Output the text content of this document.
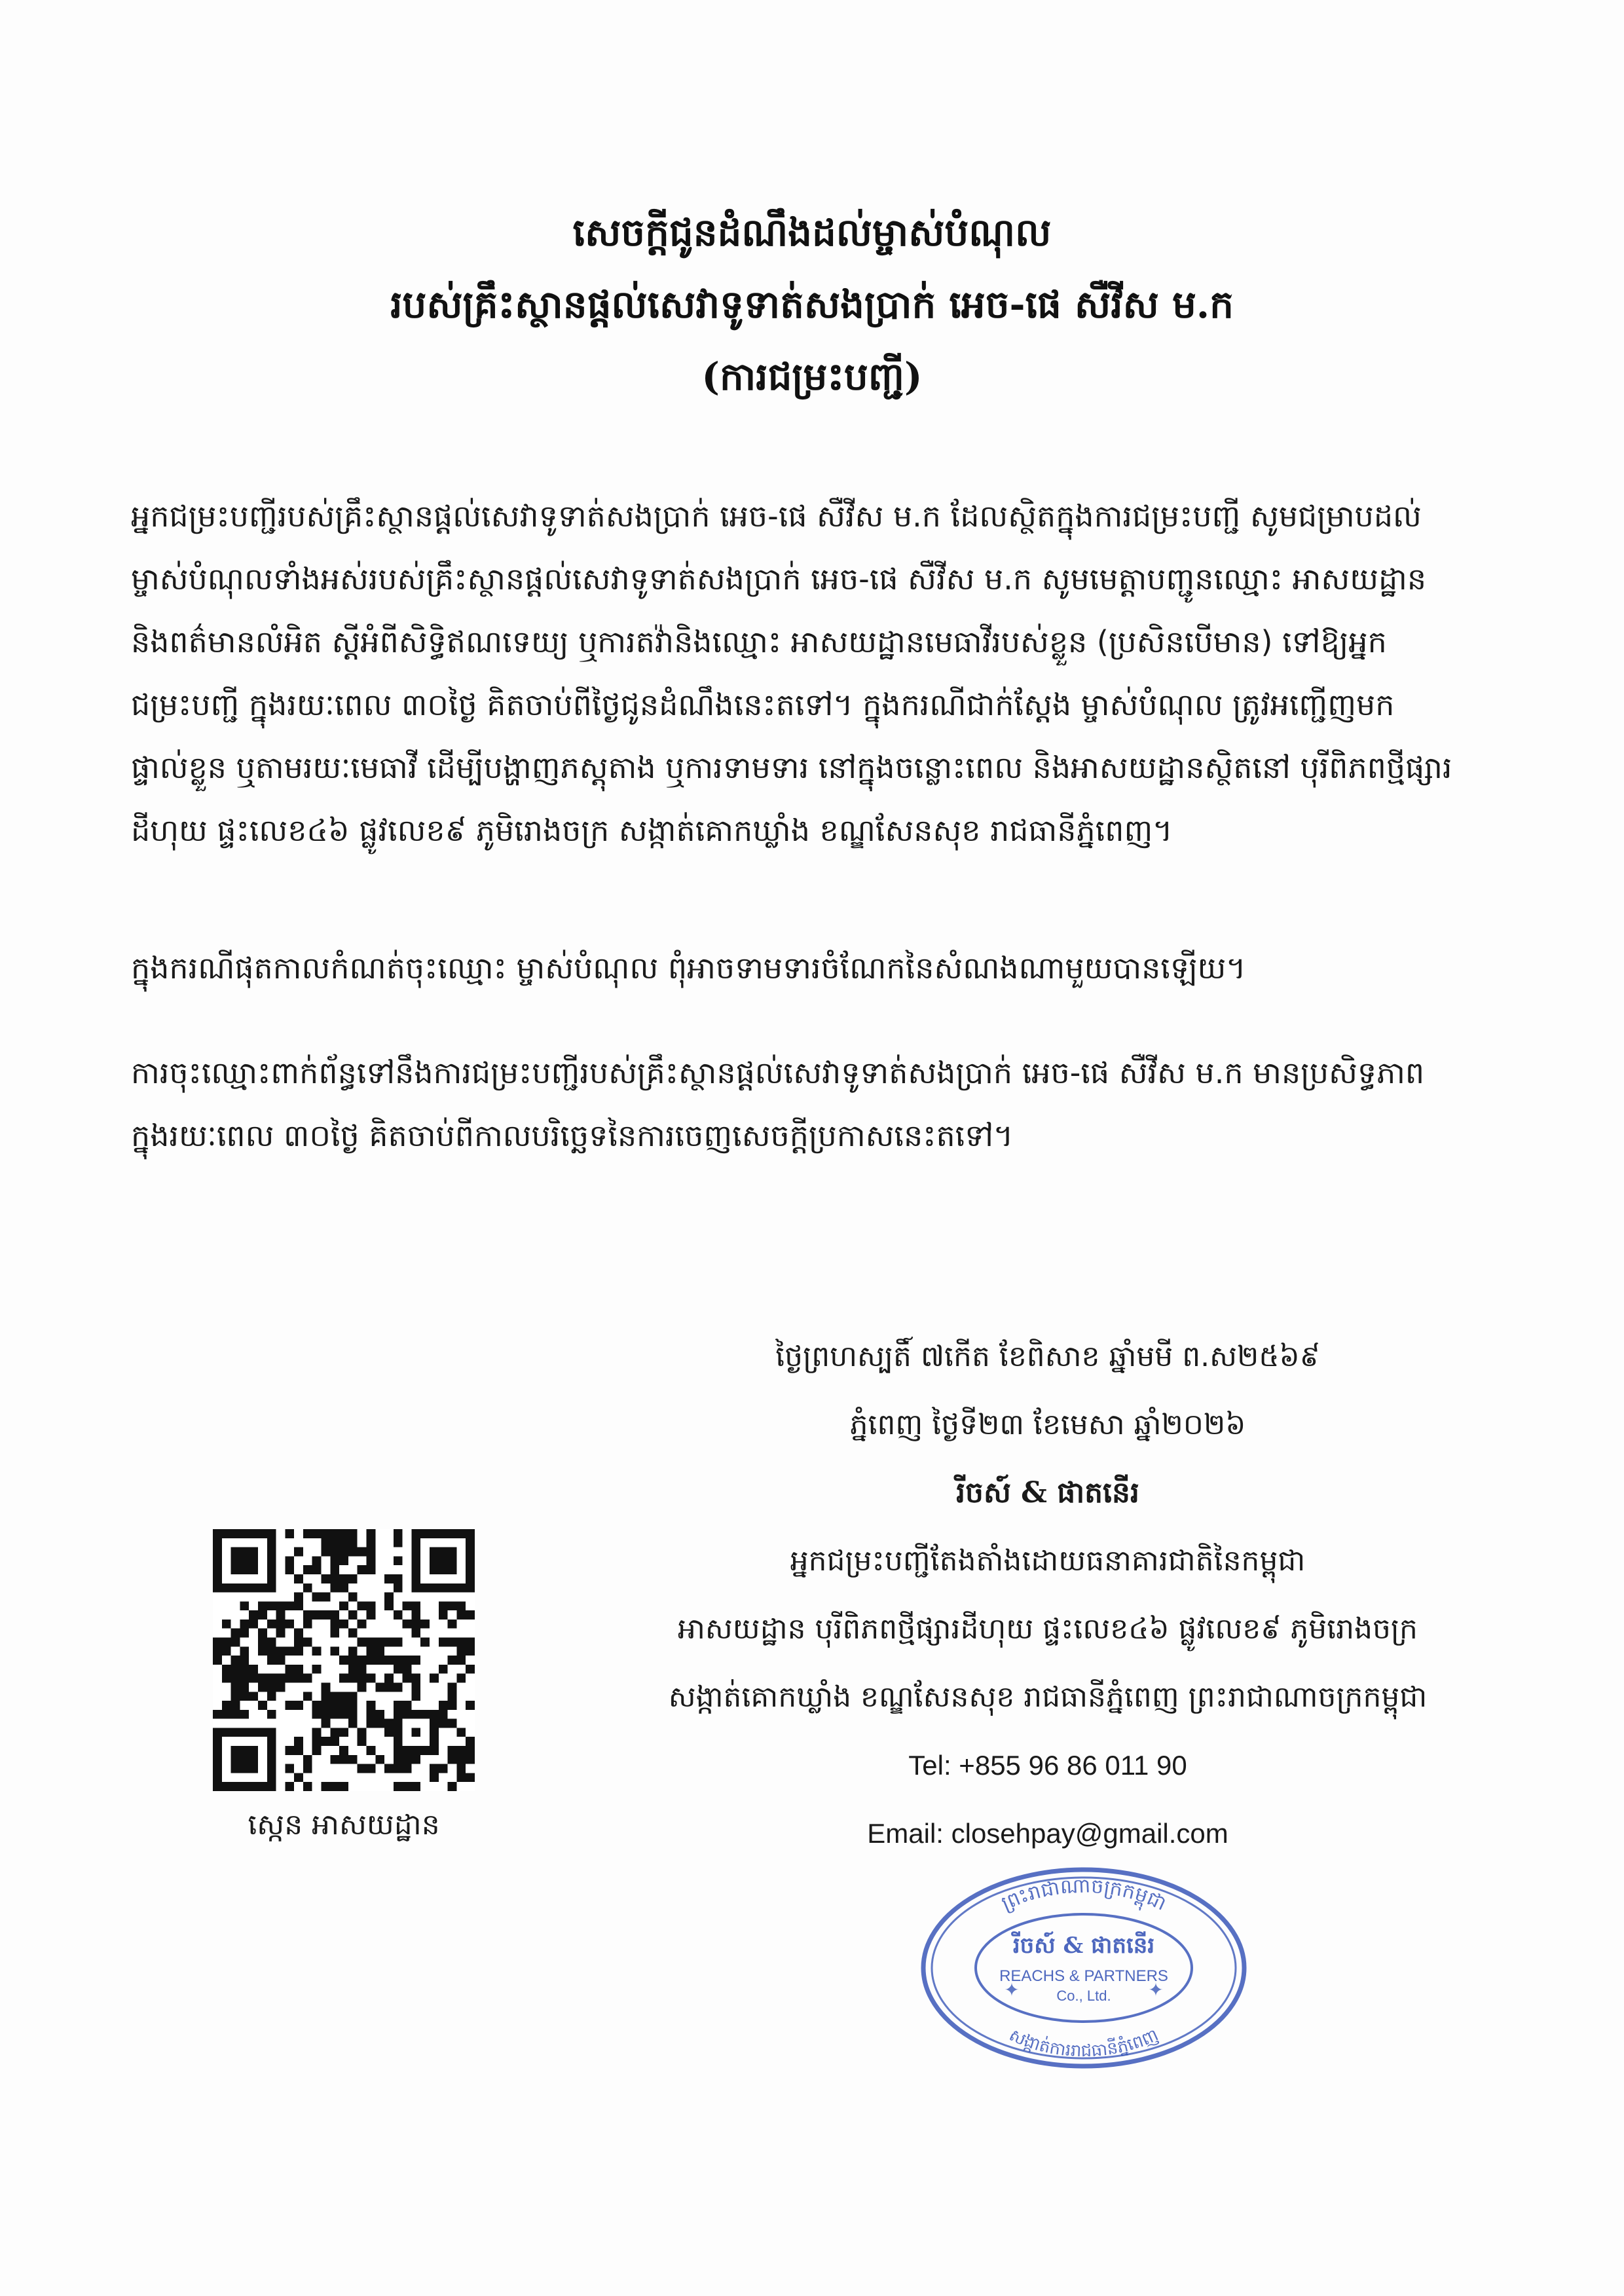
សេចក្តីជូនដំណឹងដល់ម្ចាស់បំណុល
របស់គ្រឹះស្ថានផ្តល់សេវាទូទាត់សងប្រាក់ អេច-ផេ សឺវីស ម.ក
(ការជម្រះបញ្ជី)
អ្នកជម្រះបញ្ជីរបស់គ្រឹះស្ថានផ្តល់សេវាទូទាត់សងប្រាក់ អេច-ផេ សឺវីស ម.ក ដែលស្ថិតក្នុងការជម្រះបញ្ជី សូមជម្រាបដល់
ម្ចាស់បំណុលទាំងអស់របស់គ្រឹះស្ថានផ្តល់សេវាទូទាត់សងប្រាក់ អេច-ផេ សឺវីស ម.ក សូមមេត្តាបញ្ជូនឈ្មោះ អាសយដ្ឋាន
និងពត៌មានលំអិត ស្តីអំពីសិទ្ធិឥណទេយ្យ ឬការតវ៉ានិងឈ្មោះ អាសយដ្ឋានមេធាវីរបស់ខ្លួន (ប្រសិនបើមាន) ទៅឱ្យអ្នក
ជម្រះបញ្ជី ក្នុងរយៈពេល ៣០ថ្ងៃ គិតចាប់ពីថ្ងៃជូនដំណឹងនេះតទៅ។ ក្នុងករណីជាក់ស្តែង ម្ចាស់បំណុល ត្រូវអញ្ជើញមក
ផ្ទាល់ខ្លួន ឬតាមរយៈមេធាវី ដើម្បីបង្ហាញភស្តុតាង ឬការទាមទារ នៅក្នុងចន្លោះពេល និងអាសយដ្ឋានស្ថិតនៅ បុរីពិភពថ្មីផ្សារ
ដីហុយ ផ្ទះលេខ៤៦ ផ្លូវលេខ៩ ភូមិរោងចក្រ សង្កាត់គោកឃ្លាំង ខណ្ឌសែនសុខ រាជធានីភ្នំពេញ។
ក្នុងករណីផុតកាលកំណត់ចុះឈ្មោះ ម្ចាស់បំណុល ពុំអាចទាមទារចំណែកនៃសំណងណាមួយបានឡើយ។
ការចុះឈ្មោះពាក់ព័ន្ធទៅនឹងការជម្រះបញ្ជីរបស់គ្រឹះស្ថានផ្តល់សេវាទូទាត់សងប្រាក់ អេច-ផេ សឺវីស ម.ក មានប្រសិទ្ធភាព
ក្នុងរយៈពេល ៣០ថ្ងៃ គិតចាប់ពីកាលបរិច្ឆេទនៃការចេញសេចក្តីប្រកាសនេះតទៅ។
ថ្ងៃព្រហស្បតិ៍ ៧កើត ខែពិសាខ ឆ្នាំមមី ព.ស២៥៦៩
ភ្នំពេញ ថ្ងៃទី២៣ ខែមេសា ឆ្នាំ២០២៦
រីចស៍ & ផាតនើរ
អ្នកជម្រះបញ្ជីតែងតាំងដោយធនាគារជាតិនៃកម្ពុជា
អាសយដ្ឋាន បុរីពិភពថ្មីផ្សារដីហុយ ផ្ទះលេខ៤៦ ផ្លូវលេខ៩ ភូមិរោងចក្រ
សង្កាត់គោកឃ្លាំង ខណ្ឌសែនសុខ រាជធានីភ្នំពេញ ព្រះរាជាណាចក្រកម្ពុជា
Tel: +855 96 86 011 90
Email: closehpay@gmail.com
ស្កេន អាសយដ្ឋាន
ព្រះរាជាណាចក្រកម្ពុជា
សង្កាត់ការរាជធានីភ្នំពេញ
រីចស៍ & ផាតនើរ
REACHS & PARTNERS
Co., Ltd.
✦	✦
